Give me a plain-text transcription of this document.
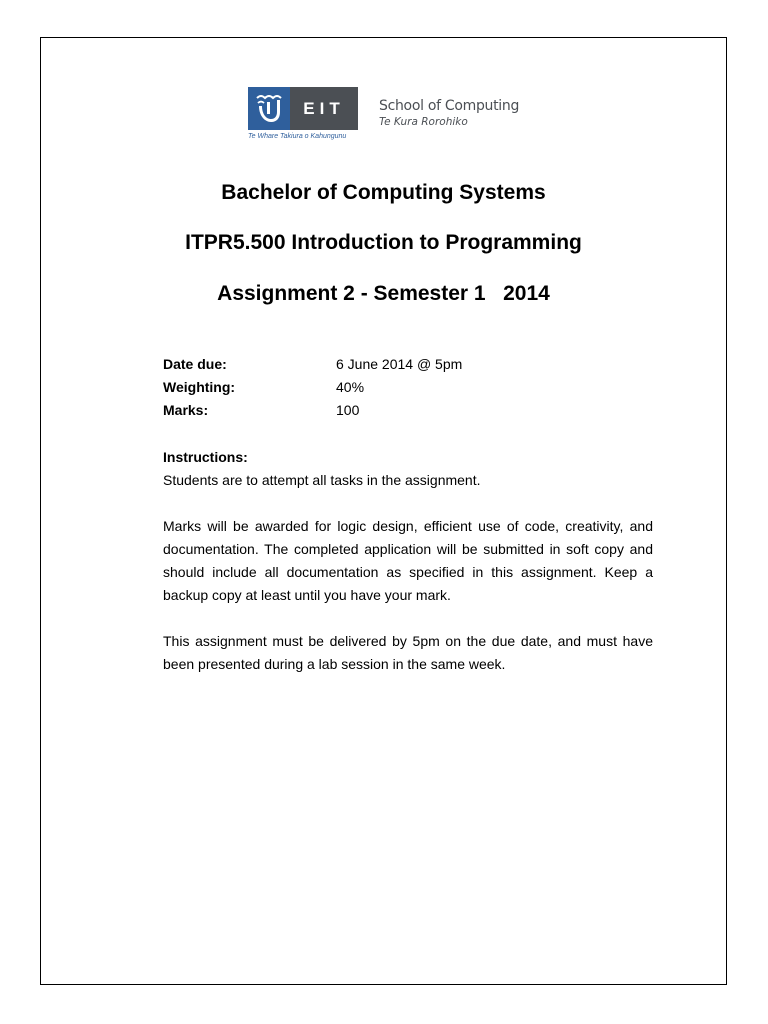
EIT
Te Whare Takiura o Kahungunu
School of Computing
Te Kura Rorohiko
Bachelor of Computing Systems
ITPR5.500 Introduction to Programming
Assignment 2 - Semester 1   2014
Date due:	6 June 2014 @ 5pm
Weighting:	40%
Marks:	100
Instructions:

Students are to attempt all tasks in the assignment.

Marks will be awarded for logic design, efficient use of code, creativity, and documentation. The completed application will be submitted in soft copy and should include all documentation as specified in this assignment. Keep a backup copy at least until you have your mark.

This assignment must be delivered by 5pm on the due date, and must have been presented during a lab session in the same week.
